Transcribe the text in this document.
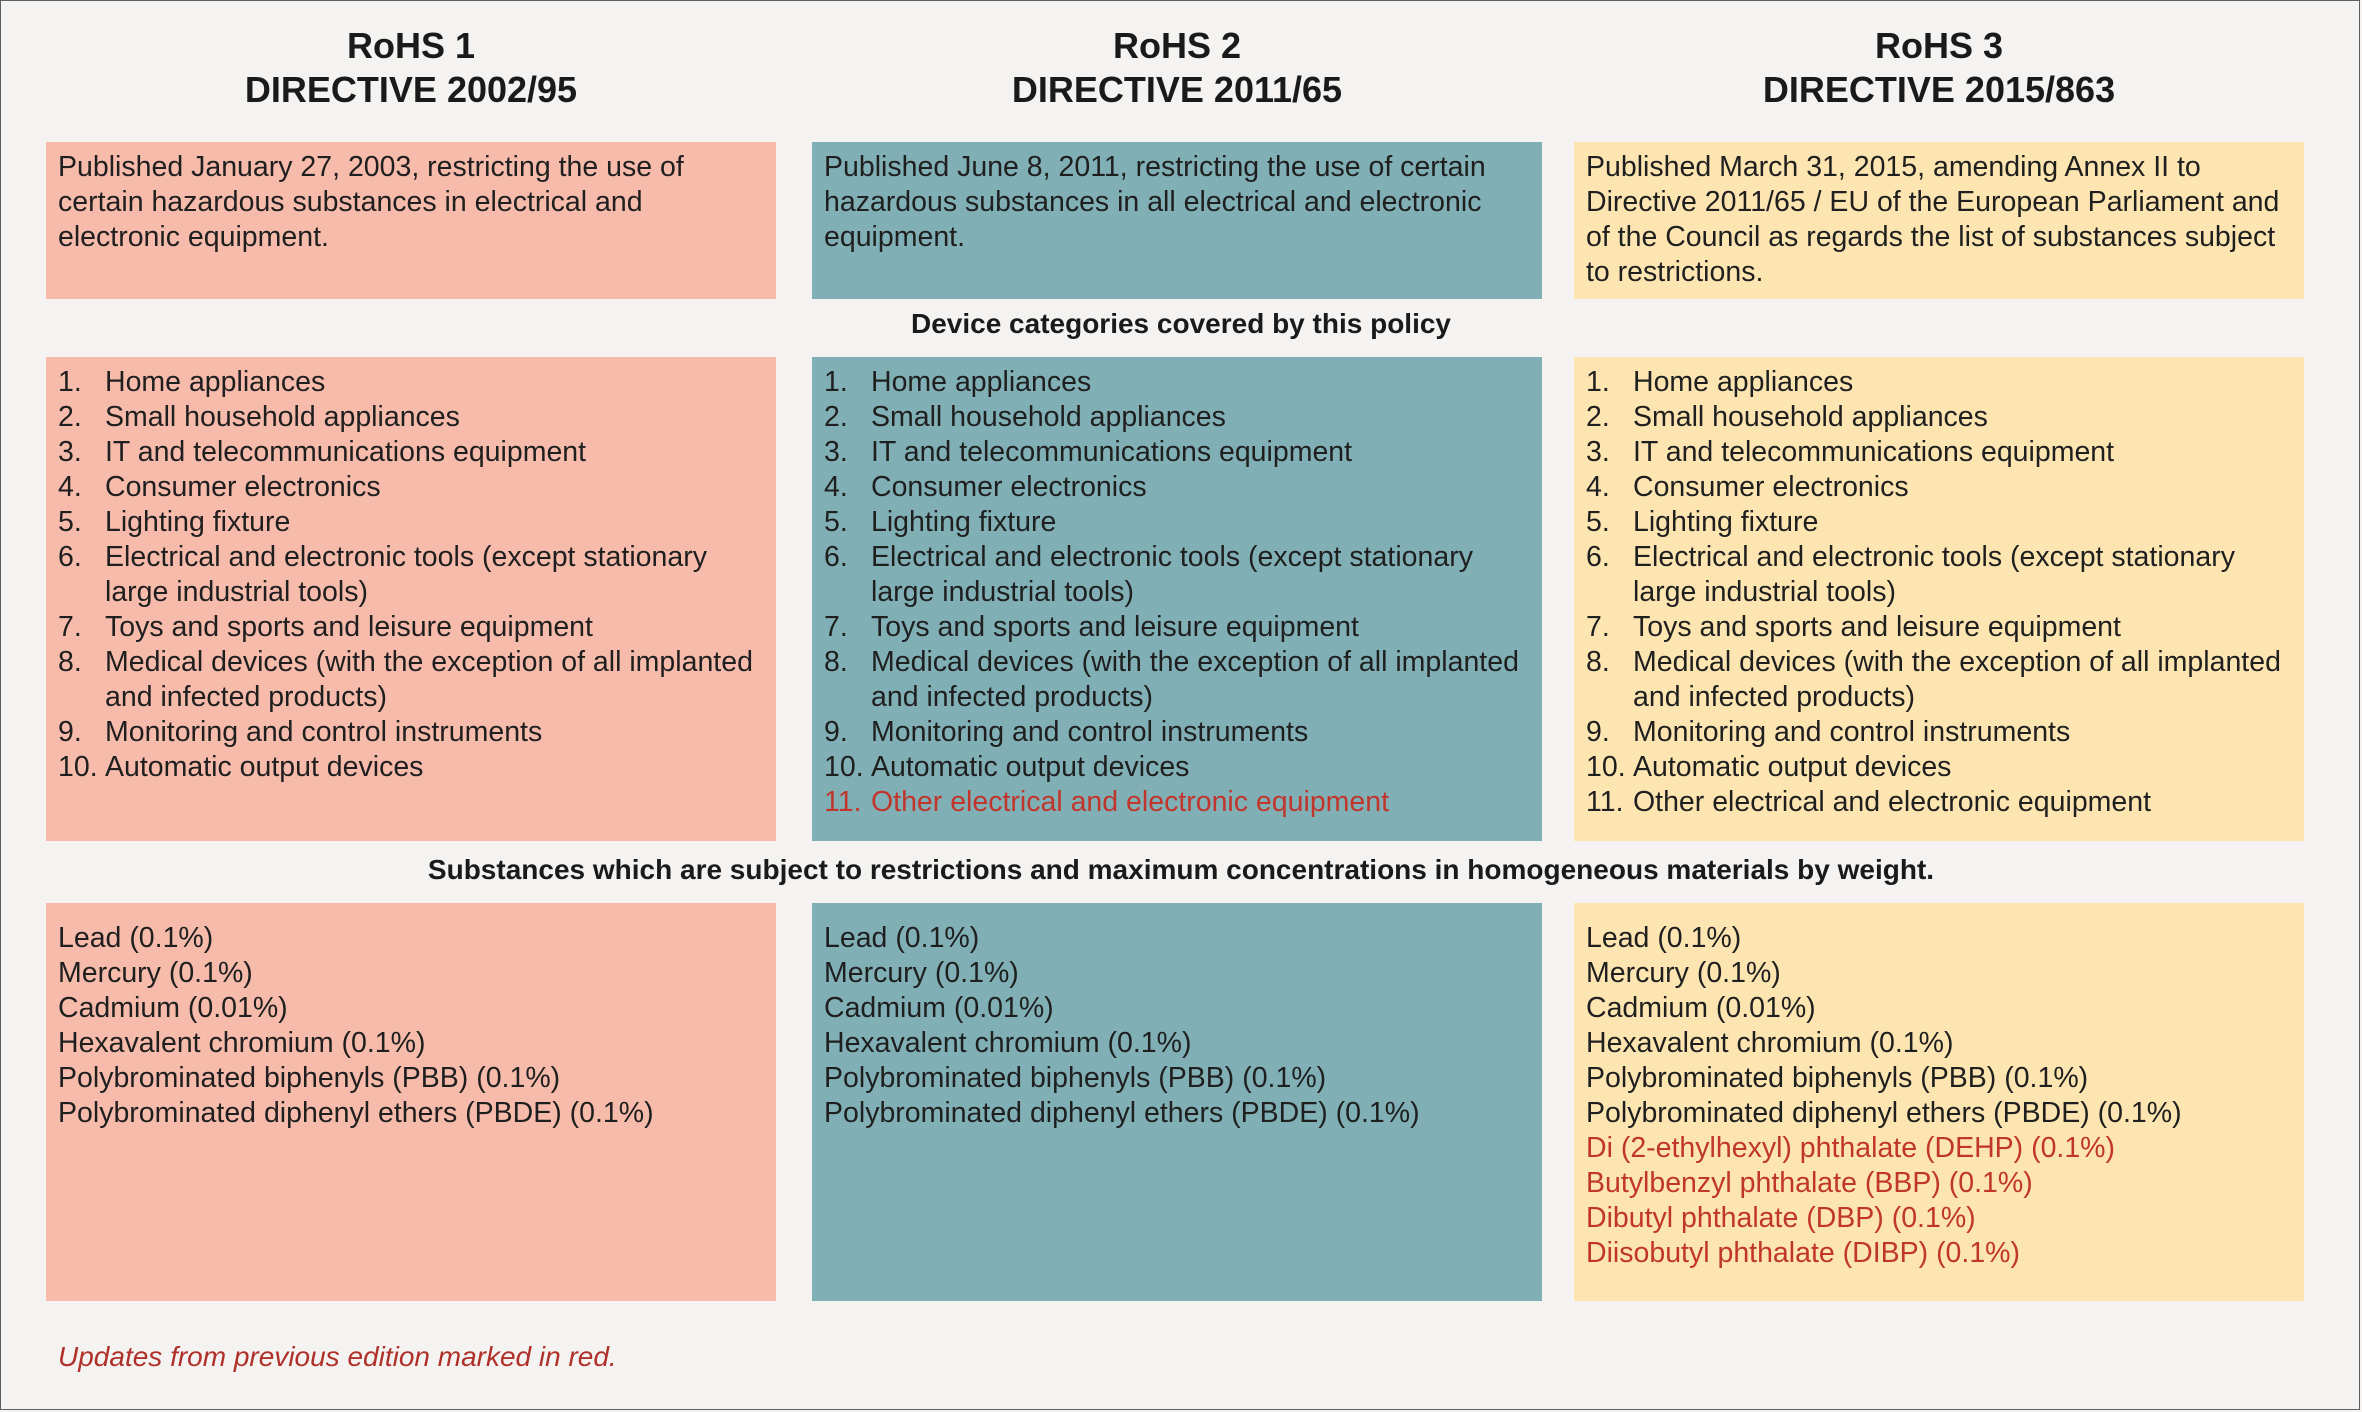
RoHS 1
DIRECTIVE 2002/95
RoHS 2
DIRECTIVE 2011/65
RoHS 3
DIRECTIVE 2015/863
Published January 27, 2003, restricting the use of certain hazardous substances in electrical and electronic equipment.
Published June 8, 2011, restricting the use of certain hazardous substances in all electrical and electronic equipment.
Published March 31, 2015, amending Annex II to Directive 2011/65 / EU of the European Parliament and of the Council as regards the list of substances subject to restrictions.
Device categories covered by this policy
1. Home appliances
2. Small household appliances
3. IT and telecommunications equipment
4. Consumer electronics
5. Lighting fixture
6. Electrical and electronic tools (except stationary large industrial tools)
7. Toys and sports and leisure equipment
8. Medical devices (with the exception of all implanted and infected products)
9. Monitoring and control instruments
10. Automatic output devices
1. Home appliances
2. Small household appliances
3. IT and telecommunications equipment
4. Consumer electronics
5. Lighting fixture
6. Electrical and electronic tools (except stationary large industrial tools)
7. Toys and sports and leisure equipment
8. Medical devices (with the exception of all implanted and infected products)
9. Monitoring and control instruments
10. Automatic output devices
11. Other electrical and electronic equipment
1. Home appliances
2. Small household appliances
3. IT and telecommunications equipment
4. Consumer electronics
5. Lighting fixture
6. Electrical and electronic tools (except stationary large industrial tools)
7. Toys and sports and leisure equipment
8. Medical devices (with the exception of all implanted and infected products)
9. Monitoring and control instruments
10. Automatic output devices
11. Other electrical and electronic equipment
Substances which are subject to restrictions and maximum concentrations in homogeneous materials by weight.
Lead (0.1%)
Mercury (0.1%)
Cadmium (0.01%)
Hexavalent chromium (0.1%)
Polybrominated biphenyls (PBB) (0.1%)
Polybrominated diphenyl ethers (PBDE) (0.1%)
Lead (0.1%)
Mercury (0.1%)
Cadmium (0.01%)
Hexavalent chromium (0.1%)
Polybrominated biphenyls (PBB) (0.1%)
Polybrominated diphenyl ethers (PBDE) (0.1%)
Lead (0.1%)
Mercury (0.1%)
Cadmium (0.01%)
Hexavalent chromium (0.1%)
Polybrominated biphenyls (PBB) (0.1%)
Polybrominated diphenyl ethers (PBDE) (0.1%)
Di (2-ethylhexyl) phthalate (DEHP) (0.1%)
Butylbenzyl phthalate (BBP) (0.1%)
Dibutyl phthalate (DBP) (0.1%)
Diisobutyl phthalate (DIBP) (0.1%)
Updates from previous edition marked in red.
